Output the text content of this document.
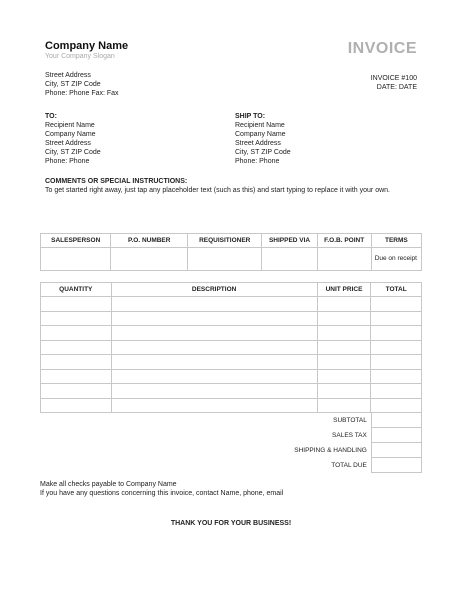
Company Name
Your Company Slogan	INVOICE
Street Address
City, ST ZIP Code
Phone: Phone Fax: Fax
INVOICE #100
DATE: DATE
TO:
Recipient Name
Company Name
Street Address
City, ST ZIP Code
Phone: Phone
SHIP TO:
Recipient Name
Company Name
Street Address
City, ST ZIP Code
Phone: Phone
COMMENTS OR SPECIAL INSTRUCTIONS:
To get started right away, just tap any placeholder text (such as this) and start typing to replace it with your own.
SALESPERSON	P.O. NUMBER	REQUISITIONER	SHIPPED VIA	F.O.B. POINT	TERMS
					Due on receipt
QUANTITY	DESCRIPTION	UNIT PRICE	TOTAL

SUBTOTAL	
SALES TAX	
SHIPPING & HANDLING	
TOTAL DUE	
Make all checks payable to Company Name
If you have any questions concerning this invoice, contact Name, phone, email
THANK YOU FOR YOUR BUSINESS!
